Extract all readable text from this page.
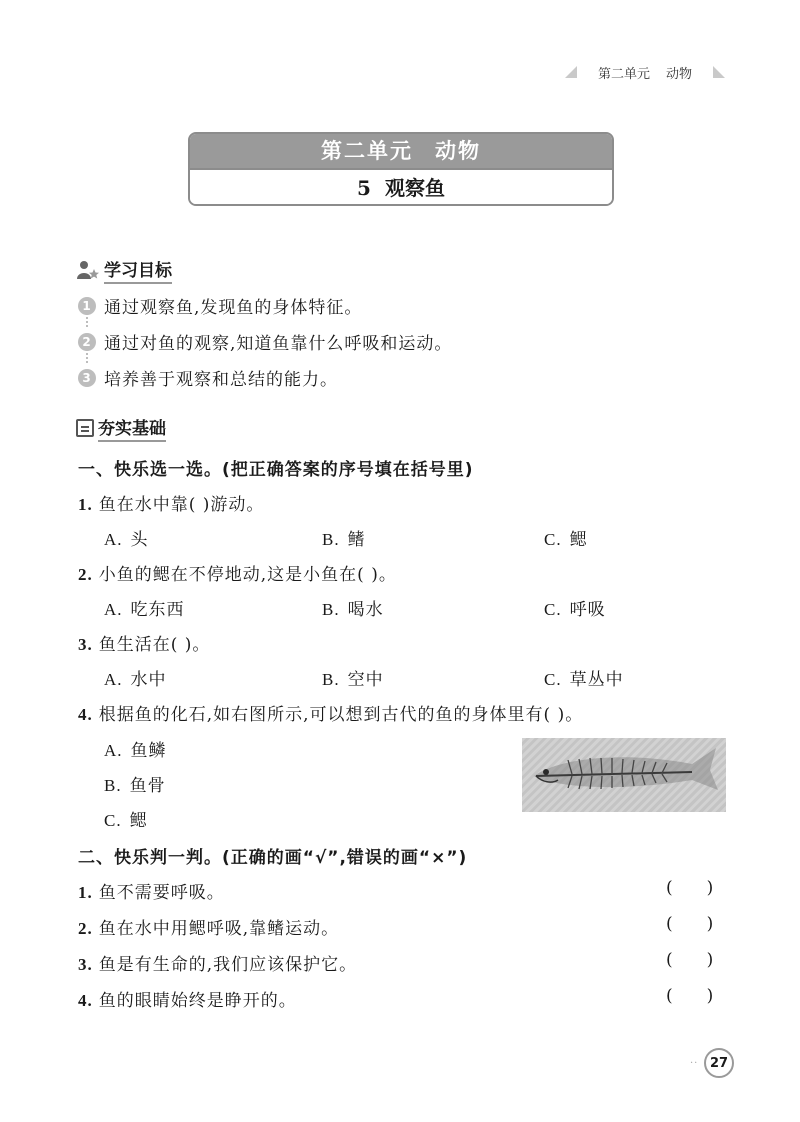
第二单元 动物
第二单元 动物
5 观察鱼
学习目标
1 通过观察鱼,发现鱼的身体特征。
2 通过对鱼的观察,知道鱼靠什么呼吸和运动。
3 培养善于观察和总结的能力。
夯实基础
一、快乐选一选。(把正确答案的序号填在括号里)
1. 鱼在水中靠( )游动。
A. 头	B. 鳍	C. 鳃
2. 小鱼的鳃在不停地动,这是小鱼在( )。
A. 吃东西	B. 喝水	C. 呼吸
3. 鱼生活在( )。
A. 水中	B. 空中	C. 草丛中
4. 根据鱼的化石,如右图所示,可以想到古代的鱼的身体里有( )。
A. 鱼鳞
B. 鱼骨
C. 鳃
二、快乐判一判。(正确的画“√”,错误的画“×”)
1. 鱼不需要呼吸。	( )
2. 鱼在水中用鳃呼吸,靠鳍运动。	( )
3. 鱼是有生命的,我们应该保护它。	( )
4. 鱼的眼睛始终是睁开的。	( )
·· 27
